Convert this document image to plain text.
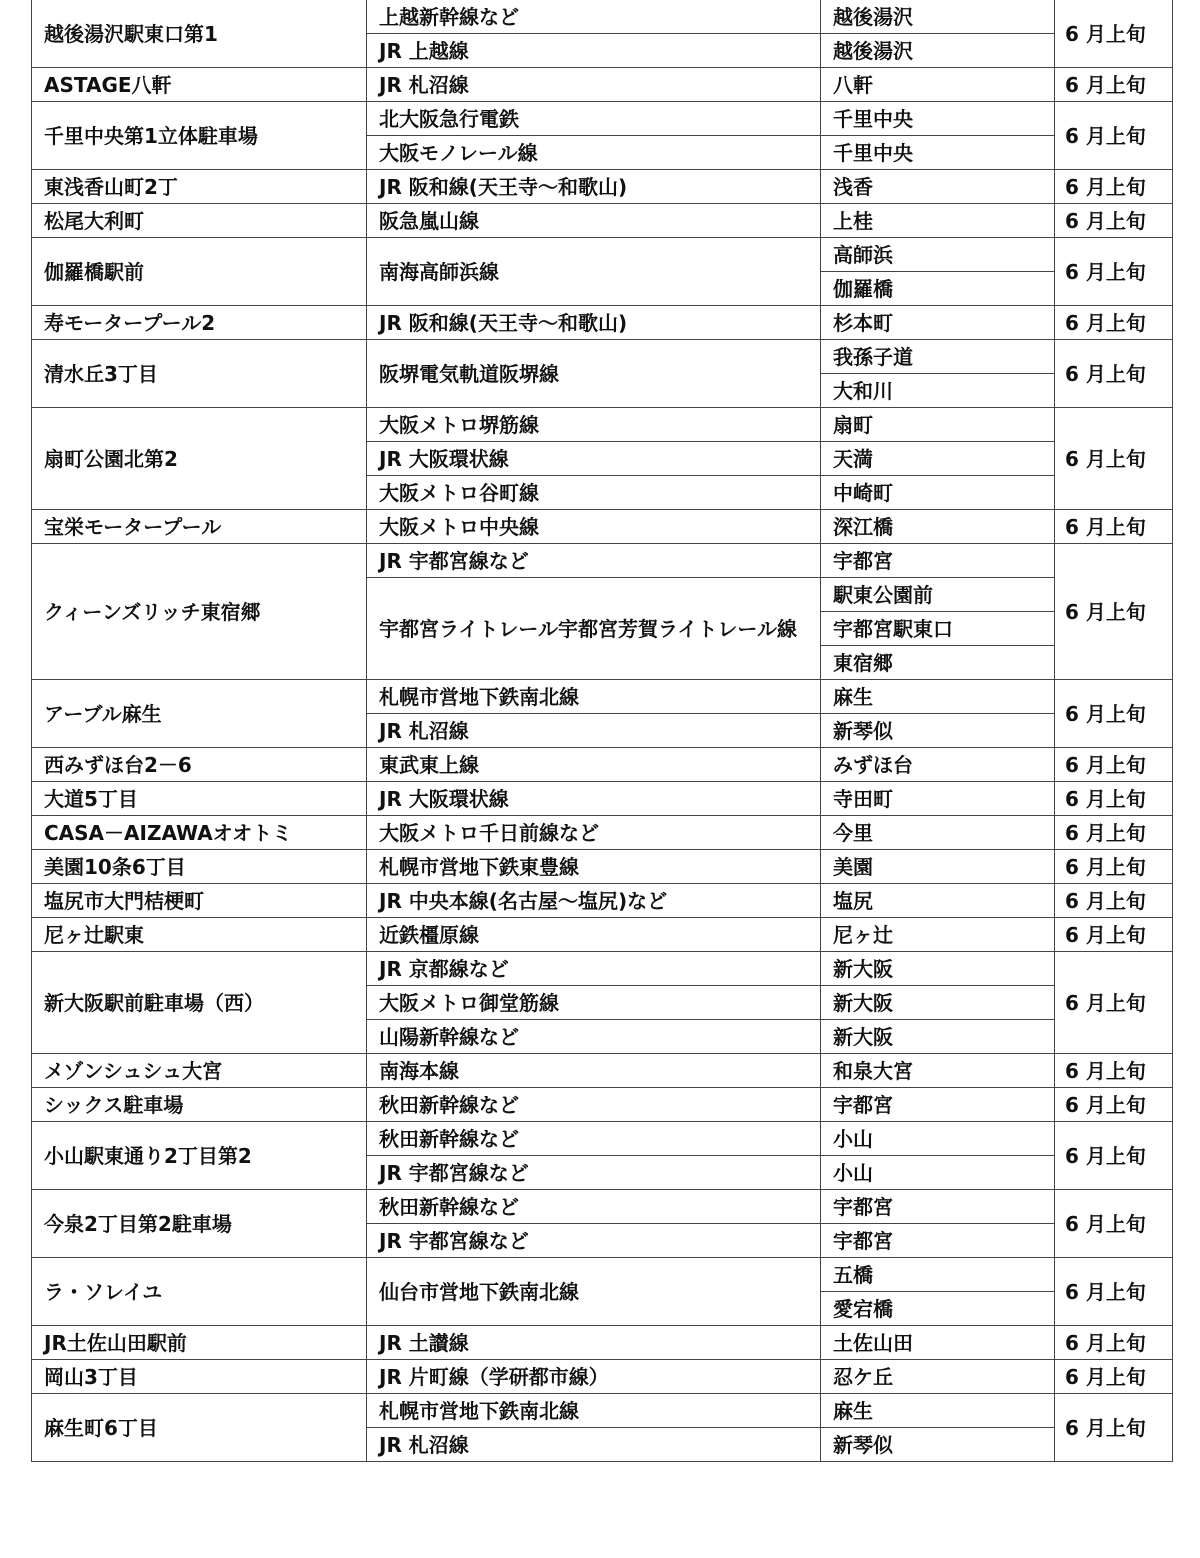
越後湯沢駅東口第1	上越新幹線など	越後湯沢	6 月上旬
	JR 上越線	越後湯沢	
ASTAGE八軒	JR 札沼線	八軒	6 月上旬
千里中央第1立体駐車場	北大阪急行電鉄	千里中央	6 月上旬
	大阪モノレール線	千里中央	
東浅香山町2丁	JR 阪和線(天王寺～和歌山)	浅香	6 月上旬
松尾大利町	阪急嵐山線	上桂	6 月上旬
伽羅橋駅前	南海高師浜線	高師浜	6 月上旬
		伽羅橋	
寿モータープール2	JR 阪和線(天王寺～和歌山)	杉本町	6 月上旬
清水丘3丁目	阪堺電気軌道阪堺線	我孫子道	6 月上旬
		大和川	
扇町公園北第2	大阪メトロ堺筋線	扇町	6 月上旬
	JR 大阪環状線	天満	
	大阪メトロ谷町線	中崎町	
宝栄モータープール	大阪メトロ中央線	深江橋	6 月上旬
クィーンズリッチ東宿郷	JR 宇都宮線など	宇都宮	6 月上旬
	宇都宮ライトレール宇都宮芳賀ライトレール線	駅東公園前	
		宇都宮駅東口	
		東宿郷	
アーブル麻生	札幌市営地下鉄南北線	麻生	6 月上旬
	JR 札沼線	新琴似	
西みずほ台2－6	東武東上線	みずほ台	6 月上旬
大道5丁目	JR 大阪環状線	寺田町	6 月上旬
CASA－AIZAWAオオトミ	大阪メトロ千日前線など	今里	6 月上旬
美園10条6丁目	札幌市営地下鉄東豊線	美園	6 月上旬
塩尻市大門桔梗町	JR 中央本線(名古屋～塩尻)など	塩尻	6 月上旬
尼ヶ辻駅東	近鉄橿原線	尼ヶ辻	6 月上旬
新大阪駅前駐車場（西）	JR 京都線など	新大阪	6 月上旬
	大阪メトロ御堂筋線	新大阪	
	山陽新幹線など	新大阪	
メゾンシュシュ大宮	南海本線	和泉大宮	6 月上旬
シックス駐車場	秋田新幹線など	宇都宮	6 月上旬
小山駅東通り2丁目第2	秋田新幹線など	小山	6 月上旬
	JR 宇都宮線など	小山	
今泉2丁目第2駐車場	秋田新幹線など	宇都宮	6 月上旬
	JR 宇都宮線など	宇都宮	
ラ・ソレイユ	仙台市営地下鉄南北線	五橋	6 月上旬
		愛宕橋	
JR土佐山田駅前	JR 土讃線	土佐山田	6 月上旬
岡山3丁目	JR 片町線（学研都市線）	忍ケ丘	6 月上旬
麻生町6丁目	札幌市営地下鉄南北線	麻生	6 月上旬
	JR 札沼線	新琴似	
